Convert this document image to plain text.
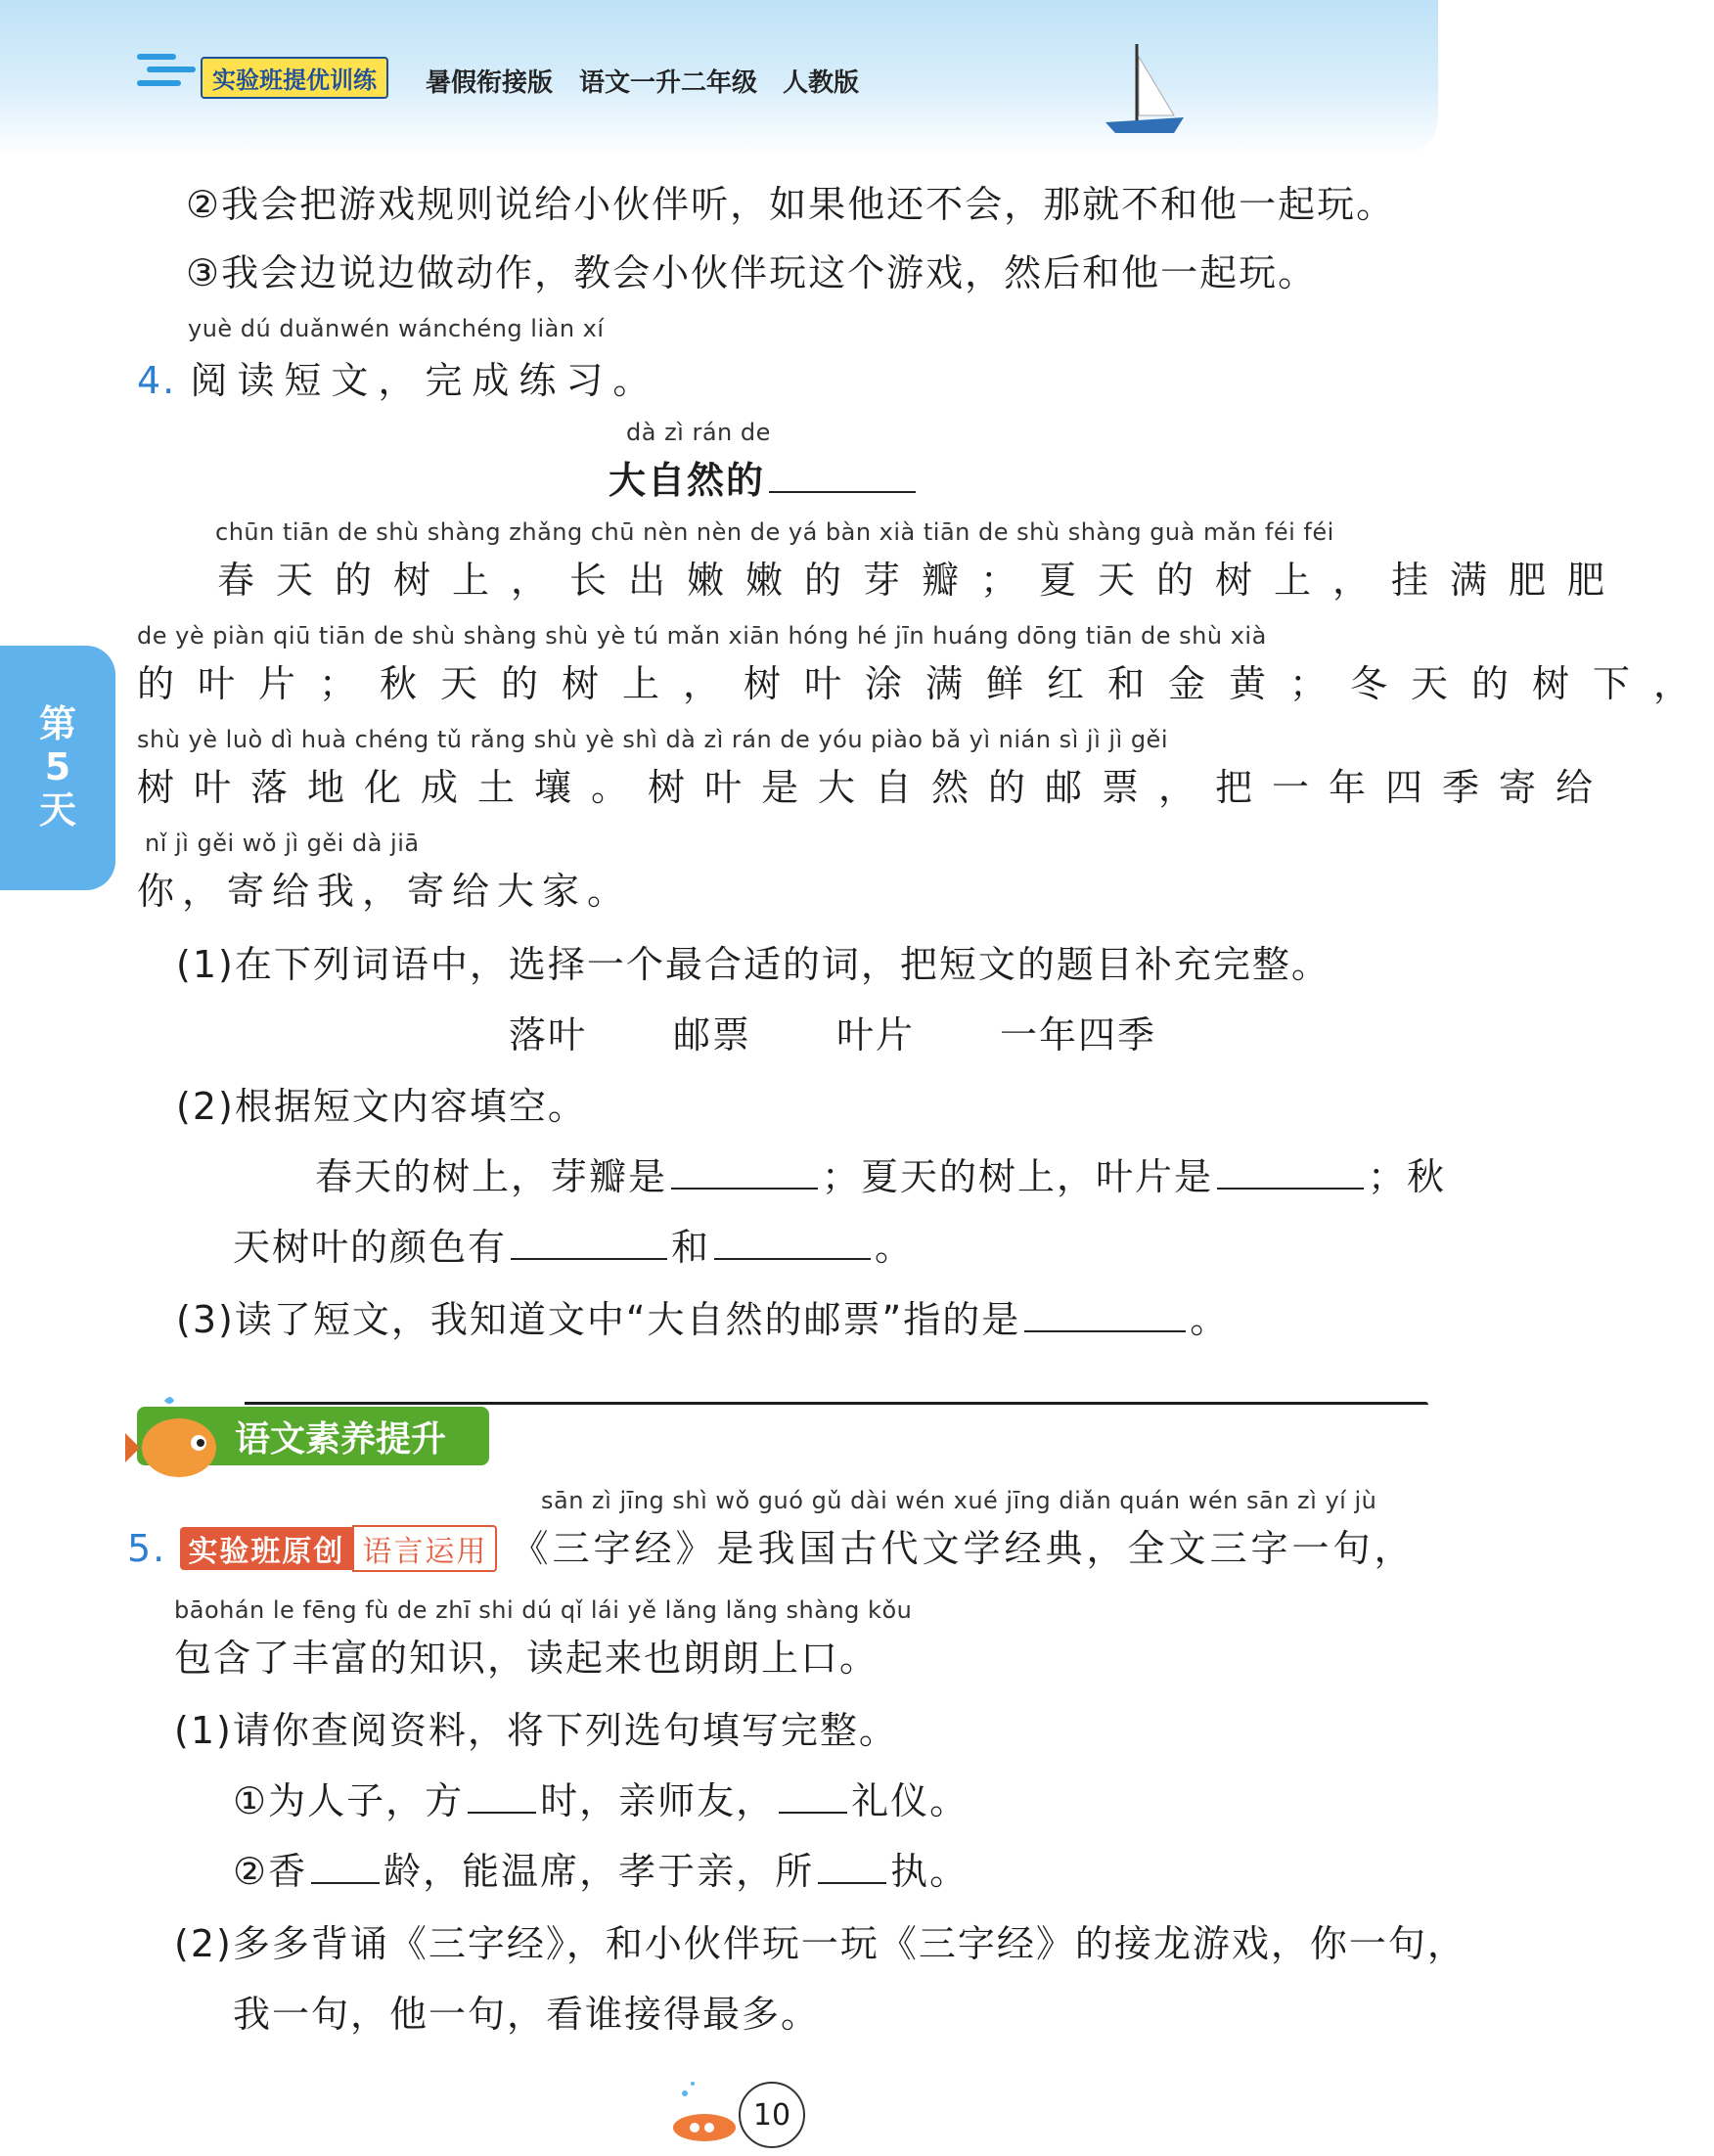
实验班提优训练	暑假衔接版 语文一升二年级 人教版
第
5
天
②我会把游戏规则说给小伙伴听，如果他还不会，那就不和他一起玩。
③我会边说边做动作，教会小伙伴玩这个游戏，然后和他一起玩。
yuè dú duǎnwén wánchéng liàn xí
4. 阅读短文，完成练习。
dà zì rán de
大自然的
chūn tiān de shù shàng zhǎng chū nèn nèn de yá bàn xià tiān de shù shàng guà mǎn féi féi
春天的树上，长出嫩嫩的芽瓣；夏天的树上，挂满肥肥
de yè piàn qiū tiān de shù shàng shù yè tú mǎn xiān hóng hé jīn huáng dōng tiān de shù xià
的叶片；秋天的树上，树叶涂满鲜红和金黄；冬天的树下，
shù yè luò dì huà chéng tǔ rǎng shù yè shì dà zì rán de yóu piào bǎ yì nián sì jì jì gěi
树叶落地化成土壤。树叶是大自然的邮票，把一年四季寄给
nǐ jì gěi wǒ jì gěi dà jiā
你，寄给我，寄给大家。
(1)在下列词语中，选择一个最合适的词，把短文的题目补充完整。
落叶 邮票 叶片 一年四季
(2)根据短文内容填空。
春天的树上，芽瓣是	；夏天的树上，叶片是	；秋
天树叶的颜色有	和	。
(3)读了短文，我知道文中“大自然的邮票”指的是	。
语文素养提升
sān zì jīng shì wǒ guó gǔ dài wén xué jīng diǎn quán wén sān zì yí jù
5. 实验班原创 语言运用 《三字经》是我国古代文学经典，全文三字一句，
bāohán le fēng fù de zhī shi dú qǐ lái yě lǎng lǎng shàng kǒu
包含了丰富的知识，读起来也朗朗上口。
(1)请你查阅资料，将下列选句填写完整。
①为人子，方 时，亲师友， 礼仪。
②香 龄，能温席，孝于亲，所 执。
(2)多多背诵《三字经》，和小伙伴玩一玩《三字经》的接龙游戏，你一句，
我一句，他一句，看谁接得最多。
10
